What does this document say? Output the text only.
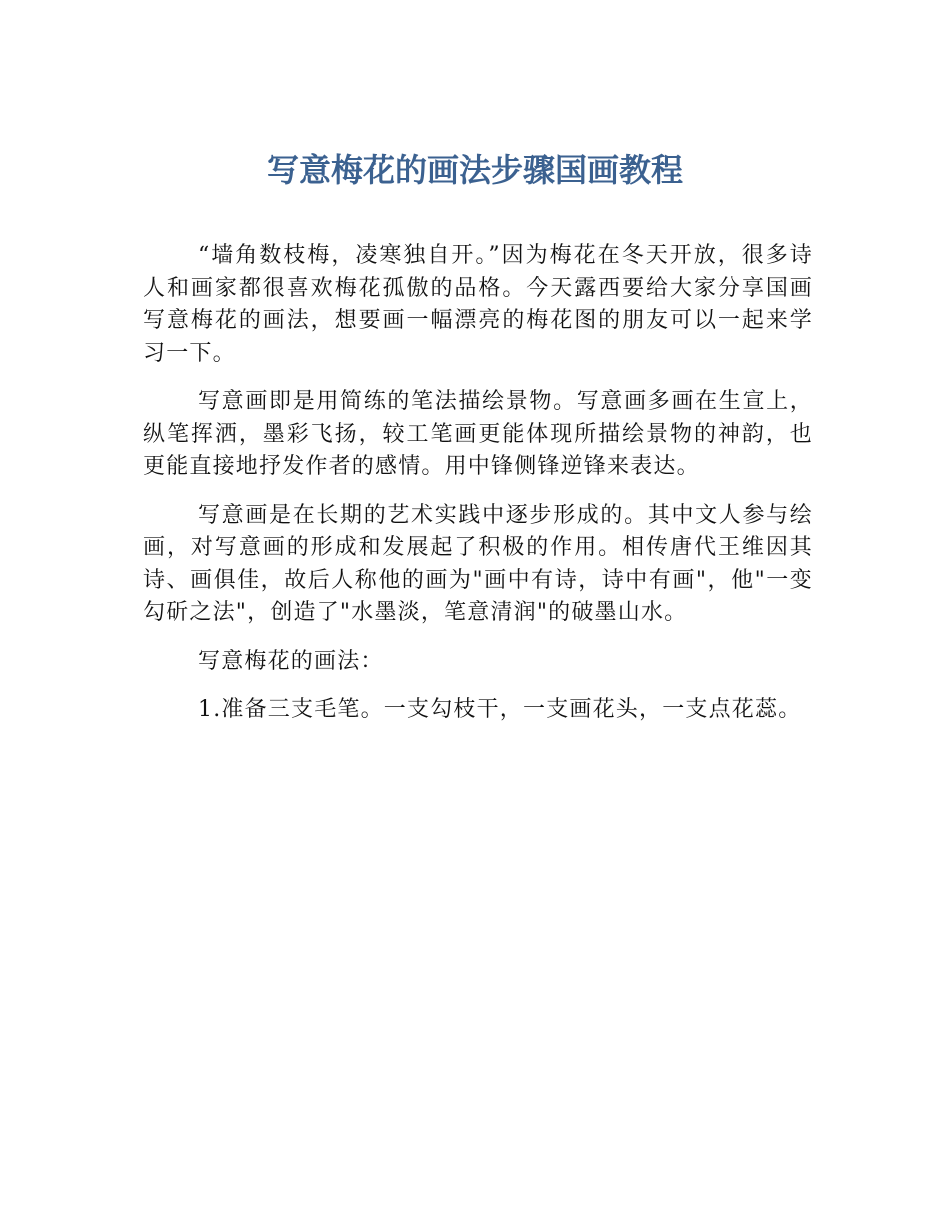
写意梅花的画法步骤国画教程

“墙角数枝梅，凌寒独自开。”因为梅花在冬天开放，很多诗人和画家都很喜欢梅花孤傲的品格。今天露西要给大家分享国画写意梅花的画法，想要画一幅漂亮的梅花图的朋友可以一起来学习一下。

写意画即是用简练的笔法描绘景物。写意画多画在生宣上，纵笔挥洒，墨彩飞扬，较工笔画更能体现所描绘景物的神韵，也更能直接地抒发作者的感情。用中锋侧锋逆锋来表达。

写意画是在长期的艺术实践中逐步形成的。其中文人参与绘画，对写意画的形成和发展起了积极的作用。相传唐代王维因其诗、画俱佳，故后人称他的画为"画中有诗，诗中有画"，他"一变勾斫之法"，创造了"水墨淡，笔意清润"的破墨山水。

写意梅花的画法：

1.准备三支毛笔。一支勾枝干，一支画花头，一支点花蕊。
